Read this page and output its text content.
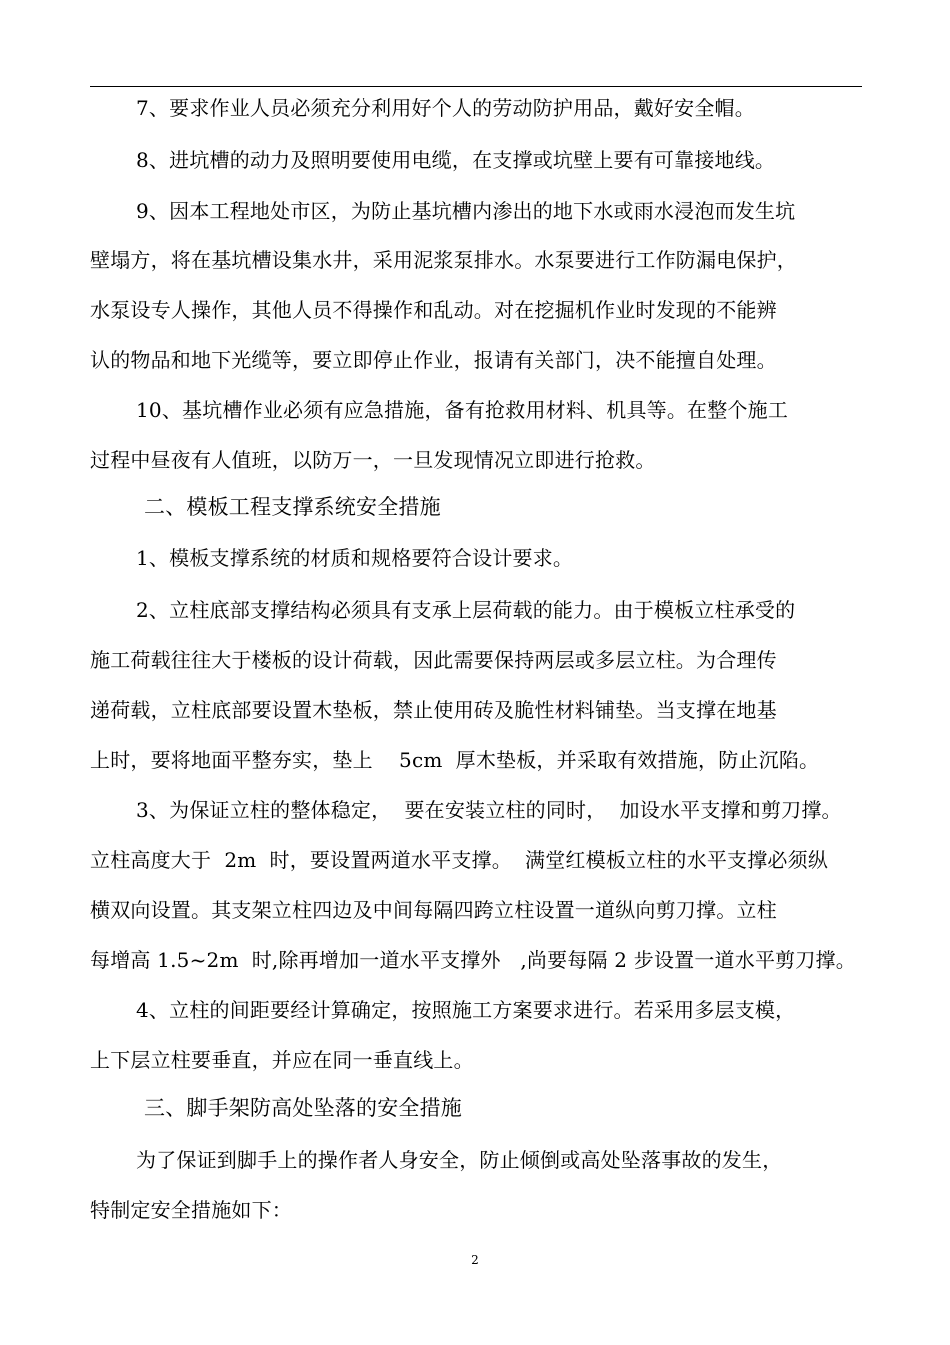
7、要求作业人员必须充分利用好个人的劳动防护用品，戴好安全帽。
8、进坑槽的动力及照明要使用电缆，在支撑或坑壁上要有可靠接地线。
9、因本工程地处市区，为防止基坑槽内渗出的地下水或雨水浸泡而发生坑
壁塌方，将在基坑槽设集水井，采用泥浆泵排水。水泵要进行工作防漏电保护，
水泵设专人操作，其他人员不得操作和乱动。对在挖掘机作业时发现的不能辨
认的物品和地下光缆等，要立即停止作业，报请有关部门，决不能擅自处理。
10、基坑槽作业必须有应急措施，备有抢救用材料、机具等。在整个施工
过程中昼夜有人值班，以防万一，一旦发现情况立即进行抢救。
二、模板工程支撑系统安全措施
1、模板支撑系统的材质和规格要符合设计要求。
2、立柱底部支撑结构必须具有支承上层荷载的能力。由于模板立柱承受的
施工荷载往往大于楼板的设计荷载，因此需要保持两层或多层立柱。为合理传
递荷载，立柱底部要设置木垫板，禁止使用砖及脆性材料铺垫。当支撑在地基
上时，要将地面平整夯实，垫上    5cm  厚木垫板，并采取有效措施，防止沉陷。
3、为保证立柱的整体稳定，  要在安装立柱的同时，  加设水平支撑和剪刀撑。
立柱高度大于  2m  时，要设置两道水平支撑。  满堂红模板立柱的水平支撑必须纵
横双向设置。其支架立柱四边及中间每隔四跨立柱设置一道纵向剪刀撑。立柱
每增高 1.5~2m  时,除再增加一道水平支撑外   ,尚要每隔 2 步设置一道水平剪刀撑。
4、立柱的间距要经计算确定，按照施工方案要求进行。若采用多层支模，
上下层立柱要垂直，并应在同一垂直线上。
三、脚手架防高处坠落的安全措施
为了保证到脚手上的操作者人身安全，防止倾倒或高处坠落事故的发生，
特制定安全措施如下：
2
